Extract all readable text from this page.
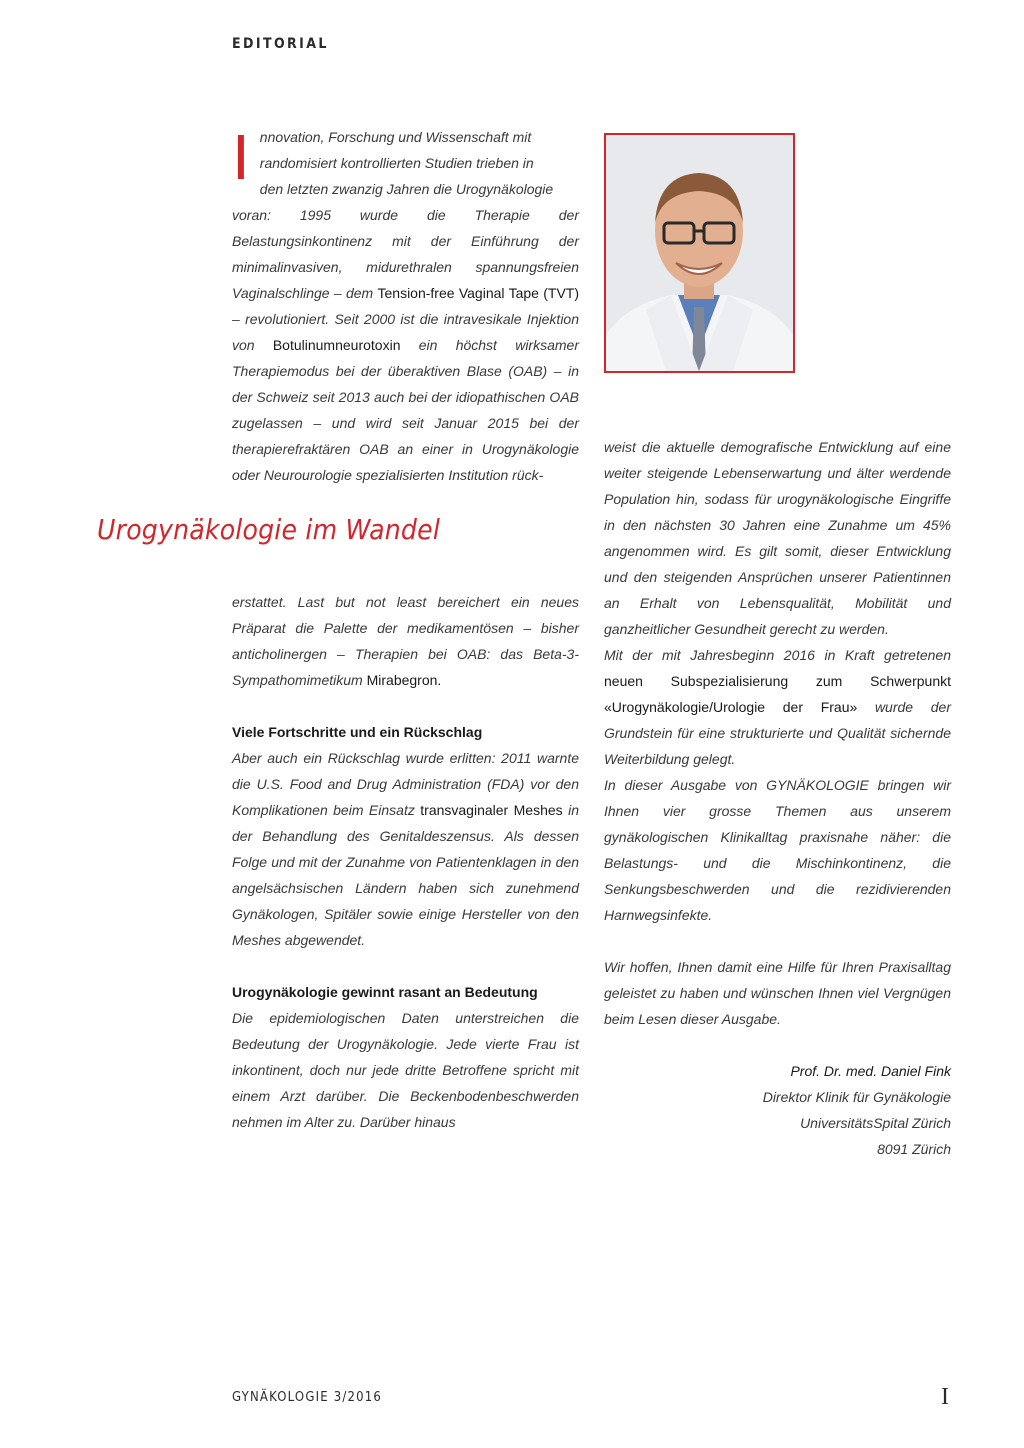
EDITORIAL
I nnovation, Forschung und Wissenschaft mit

randomisiert kontrollierten Studien trieben in

den letzten zwanzig Jahren die Urogynäkologie

voran: 1995 wurde die Therapie der Belastungsinkontinenz mit der Einführung der minimalinvasiven, midurethralen spannungsfreien Vaginalschlinge – dem Tension-free Vaginal Tape (TVT) – revolutioniert. Seit 2000 ist die intravesikale Injektion von Botulinumneurotoxin ein höchst wirksamer Therapiemodus bei der überaktiven Blase (OAB) – in der Schweiz seit 2013 auch bei der idiopathischen OAB zugelassen – und wird seit Januar 2015 bei der therapierefraktären OAB an einer in Urogynäkologie oder Neurourologie spezialisierten Institution rück-

Urogynäkologie im Wandel

erstattet. Last but not least bereichert ein neues Präparat die Palette der medikamentösen – bisher anticholinergen – Therapien bei OAB: das Beta-3-Sympathomimetikum Mirabegron.

Viele Fortschritte und ein Rückschlag

Aber auch ein Rückschlag wurde erlitten: 2011 warnte die U.S. Food and Drug Administration (FDA) vor den Komplikationen beim Einsatz transvaginaler Meshes in der Behandlung des Genitaldeszensus. Als dessen Folge und mit der Zunahme von Patientenklagen in den angelsächsischen Ländern haben sich zunehmend Gynäkologen, Spitäler sowie einige Hersteller von den Meshes abgewendet.

Urogynäkologie gewinnt rasant an Bedeutung

Die epidemiologischen Daten unterstreichen die Bedeutung der Urogynäkologie. Jede vierte Frau ist inkontinent, doch nur jede dritte Betroffene spricht mit einem Arzt darüber. Die Beckenbodenbeschwerden nehmen im Alter zu. Darüber hinaus

weist die aktuelle demografische Entwicklung auf eine weiter steigende Lebenserwartung und älter werdende Population hin, sodass für urogynäkologische Eingriffe in den nächsten 30 Jahren eine Zunahme um 45% angenommen wird. Es gilt somit, dieser Entwicklung und den steigenden Ansprüchen unserer Patientinnen an Erhalt von Lebensqualität, Mobilität und ganzheitlicher Gesundheit gerecht zu werden.

Mit der mit Jahresbeginn 2016 in Kraft getretenen neuen Subspezialisierung zum Schwerpunkt «Urogynäkologie/Urologie der Frau» wurde der Grundstein für eine strukturierte und Qualität sichernde Weiterbildung gelegt.

In dieser Ausgabe von GYNÄKOLOGIE bringen wir Ihnen vier grosse Themen aus unserem gynäkologischen Klinikalltag praxisnahe näher: die Belastungs- und die Mischinkontinenz, die Senkungsbeschwerden und die rezidivierenden Harnwegsinfekte.

Wir hoffen, Ihnen damit eine Hilfe für Ihren Praxisalltag geleistet zu haben und wünschen Ihnen viel Vergnügen beim Lesen dieser Ausgabe.

Prof. Dr. med. Daniel Fink

Direktor Klinik für Gynäkologie

UniversitätsSpital Zürich

8091 Zürich

GYNÄKOLOGIE 3/2016	I
